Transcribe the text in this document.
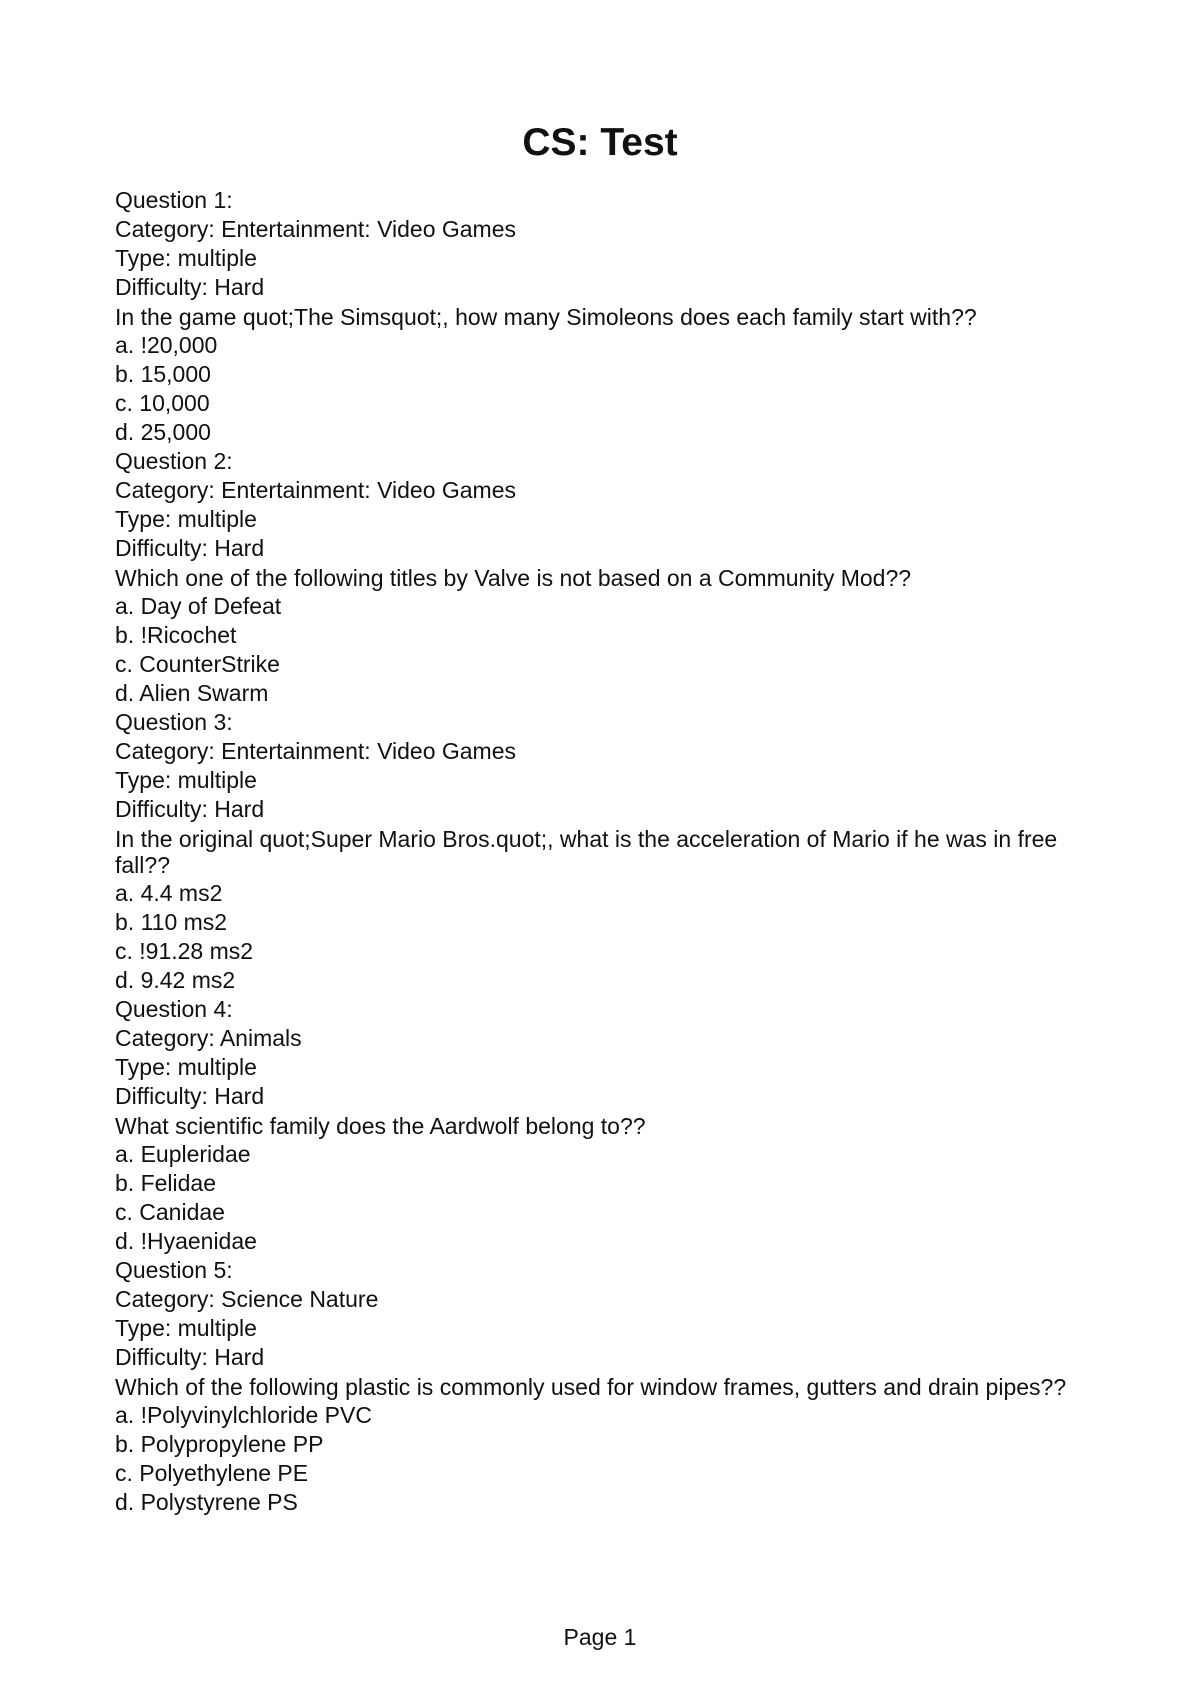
CS: Test
Question 1:
Category: Entertainment: Video Games
Type: multiple
Difficulty: Hard
In the game quot;The Simsquot;, how many Simoleons does each family start with??
a. !20,000
b. 15,000
c. 10,000
d. 25,000
Question 2:
Category: Entertainment: Video Games
Type: multiple
Difficulty: Hard
Which one of the following titles by Valve is not based on a Community Mod??
a. Day of Defeat
b. !Ricochet
c. CounterStrike
d. Alien Swarm
Question 3:
Category: Entertainment: Video Games
Type: multiple
Difficulty: Hard
In the original quot;Super Mario Bros.quot;, what is the acceleration of Mario if he was in free fall??
a. 4.4 ms2
b. 110 ms2
c. !91.28 ms2
d. 9.42 ms2
Question 4:
Category: Animals
Type: multiple
Difficulty: Hard
What scientific family does the Aardwolf belong to??
a. Eupleridae
b. Felidae
c. Canidae
d. !Hyaenidae
Question 5:
Category: Science Nature
Type: multiple
Difficulty: Hard
Which of the following plastic is commonly used for window frames, gutters and drain pipes??
a. !Polyvinylchloride PVC
b. Polypropylene PP
c. Polyethylene PE
d. Polystyrene PS
Page 1
